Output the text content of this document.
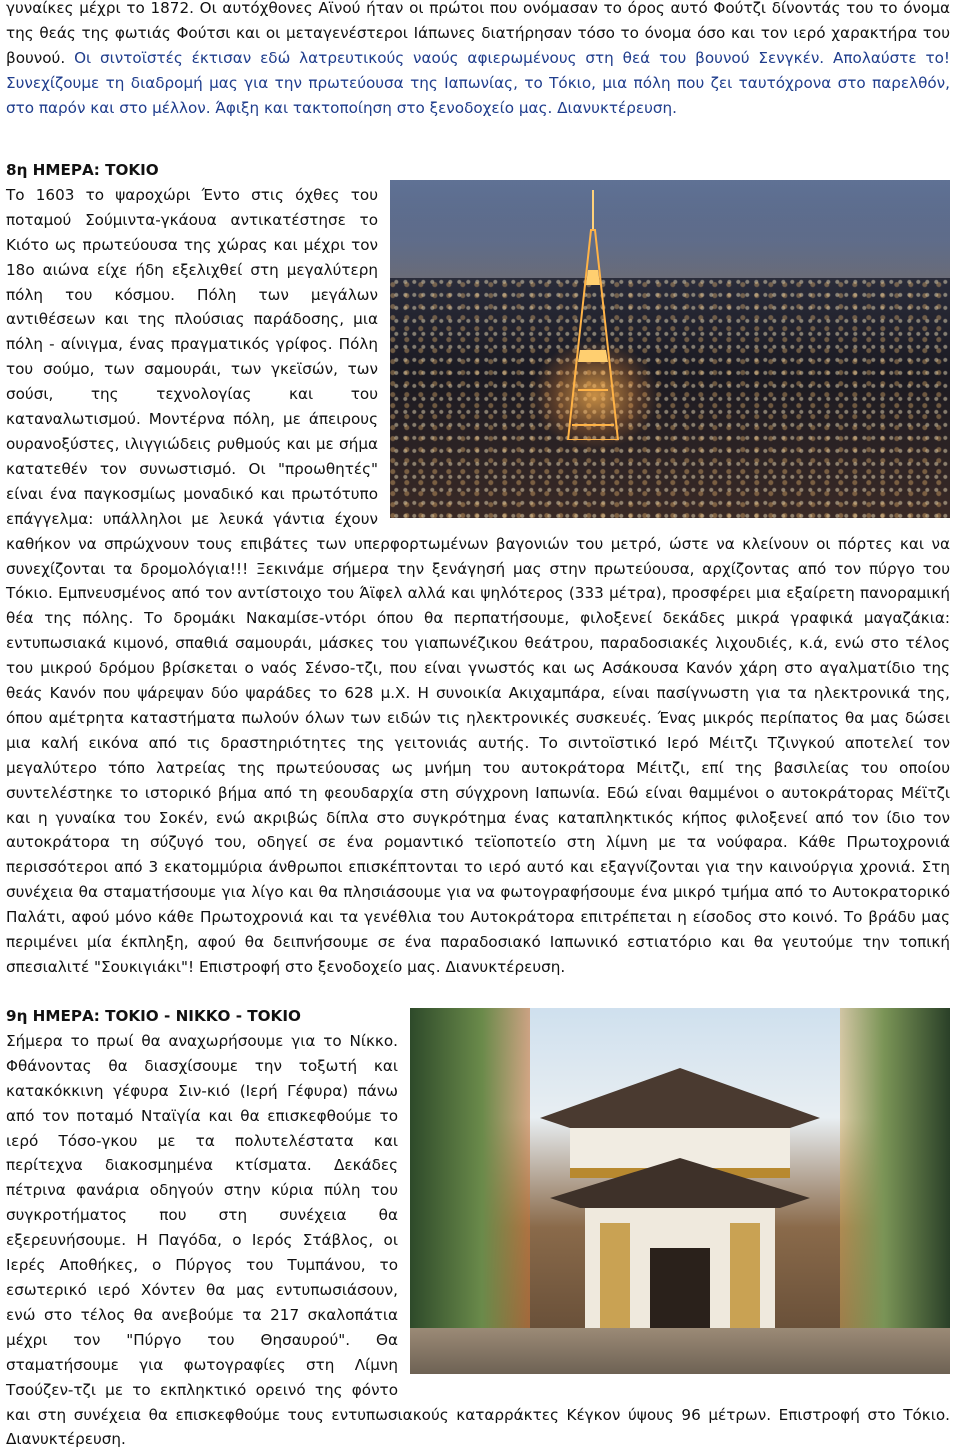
γυναίκες μέχρι το 1872. Οι αυτόχθονες Αϊνού ήταν οι πρώτοι που ονόμασαν το όρος αυτό Φούτζι δίνοντάς του το όνομα της θεάς της φωτιάς Φούτσι και οι μεταγενέστεροι Ιάπωνες διατήρησαν τόσο το όνομα όσο και τον ιερό χαρακτήρα του βουνού. Οι σιντοϊστές έκτισαν εδώ λατρευτικούς ναούς αφιερωμένους στη θεά του βουνού Σενγκέν. Απολαύστε το! Συνεχίζουμε τη διαδρομή μας για την πρωτεύουσα της Ιαπωνίας, το Τόκιο, μια πόλη που ζει ταυτόχρονα στο παρελθόν, στο παρόν και στο μέλλον. Άφιξη και τακτοποίηση στο ξενοδοχείο μας. Διανυκτέρευση.

8η ΗΜΕΡΑ: ΤΟΚΙΟ

Το 1603 το ψαροχώρι Έντο στις όχθες του ποταμού Σούμιντα-γκάουα αντικατέστησε το Κιότο ως πρωτεύουσα της χώρας και μέχρι τον 18ο αιώνα είχε ήδη εξελιχθεί στη μεγαλύτερη πόλη του κόσμου. Πόλη των μεγάλων αντιθέσεων και της πλούσιας παράδοσης, μια πόλη - αίνιγμα, ένας πραγματικός γρίφος. Πόλη του σούμο, των σαμουράι, των γκεϊσών, των σούσι, της τεχνολογίας και του καταναλωτισμού. Μοντέρνα πόλη, με άπειρους ουρανοξύστες, ιλιγγιώδεις ρυθμούς και με σήμα κατατεθέν τον συνωστισμό. Οι "προωθητές" είναι ένα παγκοσμίως μοναδικό και πρωτότυπο επάγγελμα: υπάλληλοι με λευκά γάντια έχουν καθήκον να σπρώχνουν τους επιβάτες των υπερφορτωμένων βαγονιών του μετρό, ώστε να κλείνουν οι πόρτες και να συνεχίζονται τα δρομολόγια!!! Ξεκινάμε σήμερα την ξενάγησή μας στην πρωτεύουσα, αρχίζοντας από τον πύργο του Τόκιο. Εμπνευσμένος από τον αντίστοιχο του Άϊφελ αλλά και ψηλότερος (333 μέτρα), προσφέρει μια εξαίρετη πανοραμική θέα της πόλης. Το δρομάκι Νακαμίσε-ντόρι όπου θα περπατήσουμε, φιλοξενεί δεκάδες μικρά γραφικά μαγαζάκια: εντυπωσιακά κιμονό, σπαθιά σαμουράι, μάσκες του γιαπωνέζικου θεάτρου, παραδοσιακές λιχουδιές, κ.ά, ενώ στο τέλος του μικρού δρόμου βρίσκεται ο ναός Σένσο-τζι, που είναι γνωστός και ως Ασάκουσα Κανόν χάρη στο αγαλματίδιο της θεάς Κανόν που ψάρεψαν δύο ψαράδες το 628 μ.Χ. Η συνοικία Ακιχαμπάρα, είναι πασίγνωστη για τα ηλεκτρονικά της, όπου αμέτρητα καταστήματα πωλούν όλων των ειδών τις ηλεκτρονικές συσκευές. Ένας μικρός περίπατος θα μας δώσει μια καλή εικόνα από τις δραστηριότητες της γειτονιάς αυτής. Το σιντοϊστικό Ιερό Μέιτζι Τζινγκού αποτελεί τον μεγαλύτερο τόπο λατρείας της πρωτεύουσας ως μνήμη του αυτοκράτορα Μέιτζι, επί της βασιλείας του οποίου συντελέστηκε το ιστορικό βήμα από τη φεουδαρχία στη σύγχρονη Ιαπωνία. Εδώ είναι θαμμένοι ο αυτοκράτορας Μέϊτζι και η γυναίκα του Σοκέν, ενώ ακριβώς δίπλα στο συγκρότημα ένας καταπληκτικός κήπος φιλοξενεί από τον ίδιο τον αυτοκράτορα τη σύζυγό του, οδηγεί σε ένα ρομαντικό τεϊοποτείο στη λίμνη με τα νούφαρα. Κάθε Πρωτοχρονιά περισσότεροι από 3 εκατομμύρια άνθρωποι επισκέπτονται το ιερό αυτό και εξαγνίζονται για την καινούργια χρονιά. Στη συνέχεια θα σταματήσουμε για λίγο και θα πλησιάσουμε για να φωτογραφήσουμε ένα μικρό τμήμα από το Αυτοκρατορικό Παλάτι, αφού μόνο κάθε Πρωτοχρονιά και τα γενέθλια του Αυτοκράτορα επιτρέπεται η είσοδος στο κοινό. Το βράδυ μας περιμένει μία έκπληξη, αφού θα δειπνήσουμε σε ένα παραδοσιακό Ιαπωνικό εστιατόριο και θα γευτούμε την τοπική σπεσιαλιτέ "Σουκιγιάκι"! Επιστροφή στο ξενοδοχείο μας. Διανυκτέρευση.

9η ΗΜΕΡΑ: ΤΟΚΙΟ - ΝΙΚΚΟ - ΤΟΚΙΟ

Σήμερα το πρωί θα αναχωρήσουμε για το Νίκκο. Φθάνοντας θα διασχίσουμε την τοξωτή και κατακόκκινη γέφυρα Σιν-κιό (Ιερή Γέφυρα) πάνω από τον ποταμό Νταϊγία και θα επισκεφθούμε το ιερό Τόσο-γκου με τα πολυτελέστατα και περίτεχνα διακοσμημένα κτίσματα. Δεκάδες πέτρινα φανάρια οδηγούν στην κύρια πύλη του συγκροτήματος που στη συνέχεια θα εξερευνήσουμε. Η Παγόδα, ο Ιερός Στάβλος, οι Ιερές Αποθήκες, ο Πύργος του Τυμπάνου, το εσωτερικό ιερό Χόντεν θα μας εντυπωσιάσουν, ενώ στο τέλος θα ανεβούμε τα 217 σκαλοπάτια μέχρι τον "Πύργο του Θησαυρού". Θα σταματήσουμε για φωτογραφίες στη Λίμνη Τσούζεν-τζι με το εκπληκτικό ορεινό της φόντο και στη συνέχεια θα επισκεφθούμε τους εντυπωσιακούς καταρράκτες Κέγκον ύψους 96 μέτρων. Επιστροφή στο Τόκιο. Διανυκτέρευση.
